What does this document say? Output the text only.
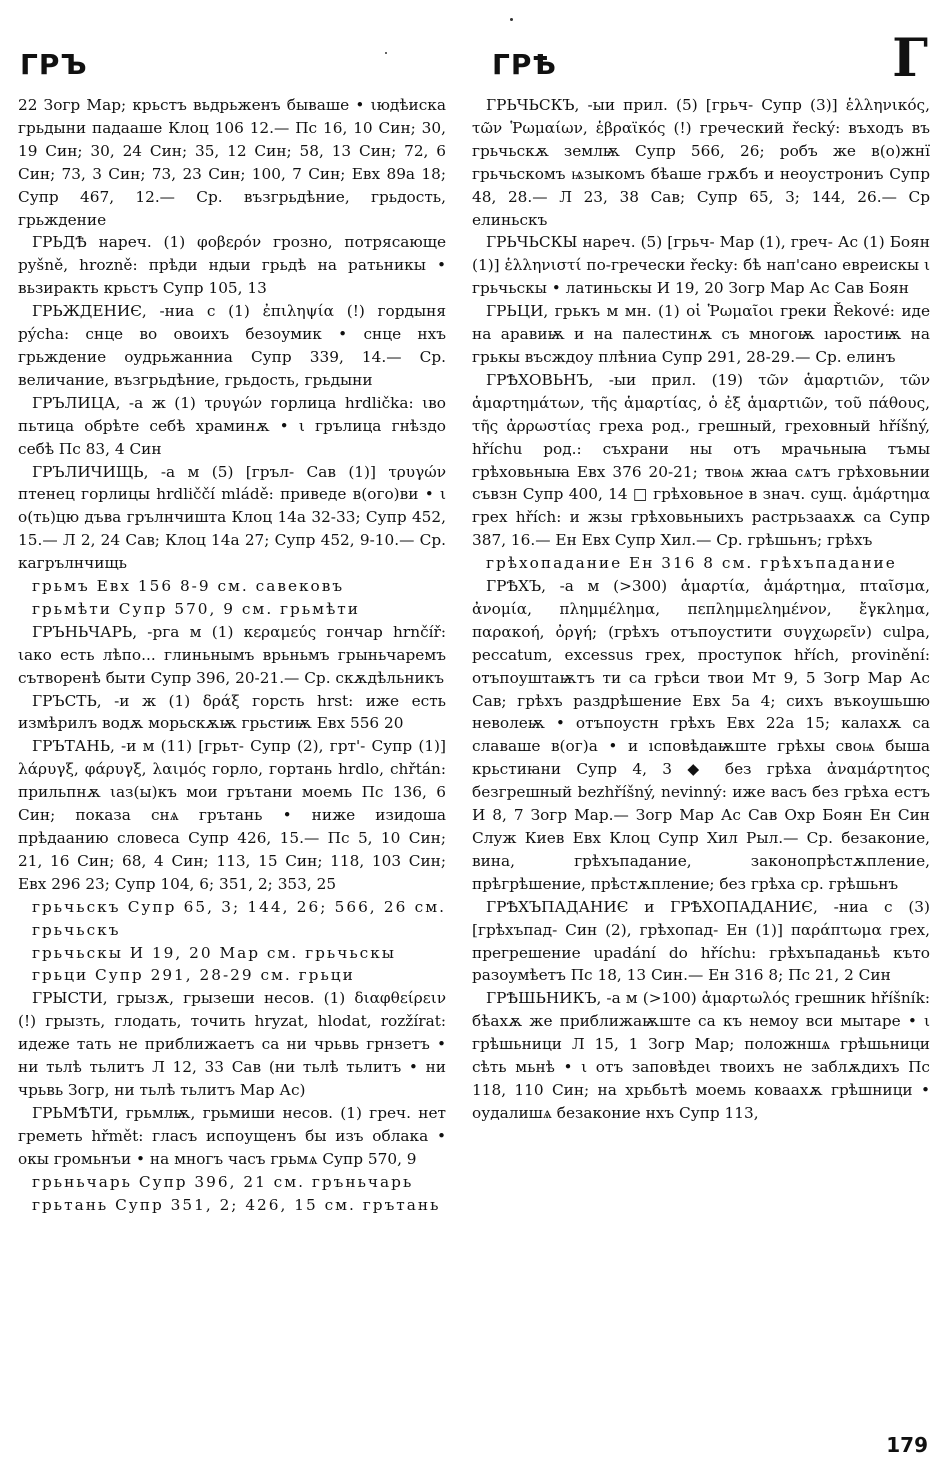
ГРЪ	ГРѢ	Г

22 Зогр Мар; крьстъ вьдрьженъ бываше • ιюдѣиска грьдыни падааше Клоц 106 12.— Пс 16, 10 Син; 30, 19 Син; 30, 24 Син; 35, 12 Син; 58, 13 Син; 72, 6 Син; 73, 3 Син; 73, 23 Син; 100, 7 Син; Евх 89а 18; Супр 467, 12.— Ср. възгрьдѣние, грьдость, грьждение

ГРЬДѢ нареч. (1) φοβερόν грозно, потрясающе pyšně, hrozně: прѣди ндыи грьдѣ на ратьникы • вьзиракть крьстъ Супр 105, 13

ГРЬЖДЕНИЄ, -ниа с (1) ἐπιληψία (!) гордыня pýcha: снце во овоихъ безоумик • снце нхъ грьждение оудрьжанниа Супр 339, 14.— Ср. величание, възгрьдѣние, грьдость, грьдыни

ГРЪЛИЦА, -а ж (1) τρυγών горлица hrdlička: ιво пьтица обрѣте себѣ храминѫ • ι грълица гнѣздо себѣ Пс 83, 4 Син

ГРЪЛИЧИЩЬ, -а м (5) [гръл- Сав (1)] τρυγών птенец горлицы hrdliččí mládě: приведе в(ого)ви • ι о(ть)цю дъва грълнчишта Клоц 14а 32-33; Супр 452, 15.— Л 2, 24 Сав; Клоц 14а 27; Супр 452, 9-10.— Ср. кагрълнчищь

грьмъ Евх 156 8-9 см. савековъ

грьмѣти Супр 570, 9 см. грьмѣти

ГРЪНЬЧАРЬ, -рга м (1) κεραμεύς гончар hrnčíř: ιако есть лѣпо... глиньнымъ врьньмъ грыньчаремъ сътворенѣ быти Супр 396, 20-21.— Ср. скѫдѣльникъ

ГРЪСТЬ, -и ж (1) δράξ горсть hrst: иже есть измѣрилъ водѫ морьскѫѭ грьстиѭ Евх 556 20

ГРЪТАНЬ, -и м (11) [грьт- Супр (2), грт'- Супр (1)] λάρυγξ, φάρυγξ, λαιμός горло, гортань hrdlo, chřtán: прильпнѫ ιаз(ы)къ мои грътани моемь Пс 136, 6 Син; показа снѧ грътань • ниже изидоша прѣдаанию словеса Супр 426, 15.— Пс 5, 10 Син; 21, 16 Син; 68, 4 Син; 113, 15 Син; 118, 103 Син; Евх 296 23; Супр 104, 6; 351, 2; 353, 25

грьчьскъ Супр 65, 3; 144, 26; 566, 26 см. грьчьскъ

грьчьскы И 19, 20 Мар см. грьчьскы

грьци Супр 291, 28-29 см. грьци

ГРЫСТИ, грызѫ, грызеши несов. (1) διαφθείρειν (!) грызть, глодать, точить hryzat, hlodat, rozžírat: идеже тать не приближаетъ са ни чрьвь грнзетъ • ни тьлѣ тьлитъ Л 12, 33 Сав (ни тьлѣ тьлитъ • ни чрьвь Зогр, ни тьлѣ тьлитъ Мар Ас)

ГРЬМѢТИ, грьмлѭ, грьмиши несов. (1) греч. нет греметь hřmět: гласъ испоущенъ бы изъ облака • окы громьнъи • на многъ часъ грьмѧ Супр 570, 9

грьньчарь Супр 396, 21 см. гръньчарь

грьтань Супр 351, 2; 426, 15 см. грътань

ГРЬЧЬСКЪ, -ыи прил. (5) [грьч- Супр (3)] ἑλληνικός, τῶν Ῥωμαίων, ἑβραϊκός (!) греческий řecký: въходъ въ грьчьскѫ землѭ Супр 566, 26; робъ же в(о)жнї грьчьскомъ ѩзыкомъ бѣаше грѫбъ и неоустрониъ Супр 48, 28.— Л 23, 38 Сав; Супр 65, 3; 144, 26.— Ср елиньскъ

ГРЬЧЬСКЫ нареч. (5) [грьч- Мар (1), греч- Ас (1) Боян (1)] ἑλληνιστί по-гречески řecky: бѣ нап'сано евреискы ι грьчьскы • латиньскы И 19, 20 Зогр Мар Ас Сав Боян

ГРЬЦИ, грькъ м мн. (1) οἱ Ῥωμαῖοι греки Řekové: иде на аравиѭ и на палестинѫ съ многоѭ ıаростиѭ на грькы въсждоу плѣниа Супр 291, 28-29.— Ср. елинъ

ГРѢХОВЬНЪ, -ыи прил. (19) τῶν ἁμαρτιῶν, τῶν ἁμαρτημάτων, τῆς ἁμαρτίας, ὁ ἐξ ἁμαρτιῶν, τοῦ πάθους, τῆς ἀρρωστίας греха род., грешный, греховный hříšný, hříchu род.: съхрани ны отъ мрачьныꙗ тъмы грѣховьныꙗ Евх 376 20-21; твоѩ жꙗа сѧтъ грѣховьнии съвзн Супр 400, 14 □ грѣховьное в знач. сущ. ἁμάρτημα грех hřích: и жзы грѣховьныихъ растрьзаахѫ са Супр 387, 16.— Ен Евх Супр Хил.— Ср. грѣшьнъ; грѣхъ

грѣхопадание Ен 316 8 см. грѣхъпадание

ГРѢХЪ, -а м (>300) ἁμαρτία, ἁμάρτημα, πταῖσμα, ἀνομία, πλημμέλημα, πεπλημμελημένον, ἔγκλημα, παρακοή, ὀργή; (грѣхъ отъпоустити συγχωρεῖν) culpa, peccatum, excessus грех, проступок hřích, provinění: отъпоуштаѭтъ ти са грѣси твои Мт 9, 5 Зогр Мар Ас Сав; грѣхъ раздрѣшение Евх 5а 4; сихъ въкоушьшю неволеѭ • отъпоустн грѣхъ Евх 22а 15; калахѫ са славаше в(ог)а • и ıсповѣдаѭште грѣхы своѩ быша крьстиꙗни Супр 4, 3 ◆ без грѣха ἀναμάρτητος безгрешный bezhříšný, nevinný: иже васъ без грѣха естъ И 8, 7 Зогр Мар.— Зогр Мар Ас Сав Охр Боян Ен Син Служ Киев Евх Клоц Супр Хил Рыл.— Ср. безаконие, вина, грѣхъпадание, законопрѣстѫпление, прѣгрѣшение, прѣстѫпление; без грѣха ср. грѣшьнъ

ГРѢХЪПАДАНИЄ и ГРѢХОПАДАНИЄ, -ниа с (3) [грѣхъпад- Син (2), грѣхопад- Ен (1)] παράπτωμα грех, прегрешение upadání do hříchu: грѣхъпаданьѣ къто разоумѣетъ Пс 18, 13 Син.— Ен 316 8; Пс 21, 2 Син

ГРѢШЬНИКЪ, -а м (>100) ἁμαρτωλός грешник hříšník: бѣахѫ же приближаѭште са къ немоу вси мытаре • ι грѣшьници Л 15, 1 Зогр Мар; положншѧ грѣшьници сѣть мьнѣ • ι отъ заповѣдеι твоихъ не заблѫдихъ Пс 118, 110 Син; на хрьбьтѣ моемь коваахѫ грѣшници • оудалишѧ безаконие нхъ Супр 113,

179
